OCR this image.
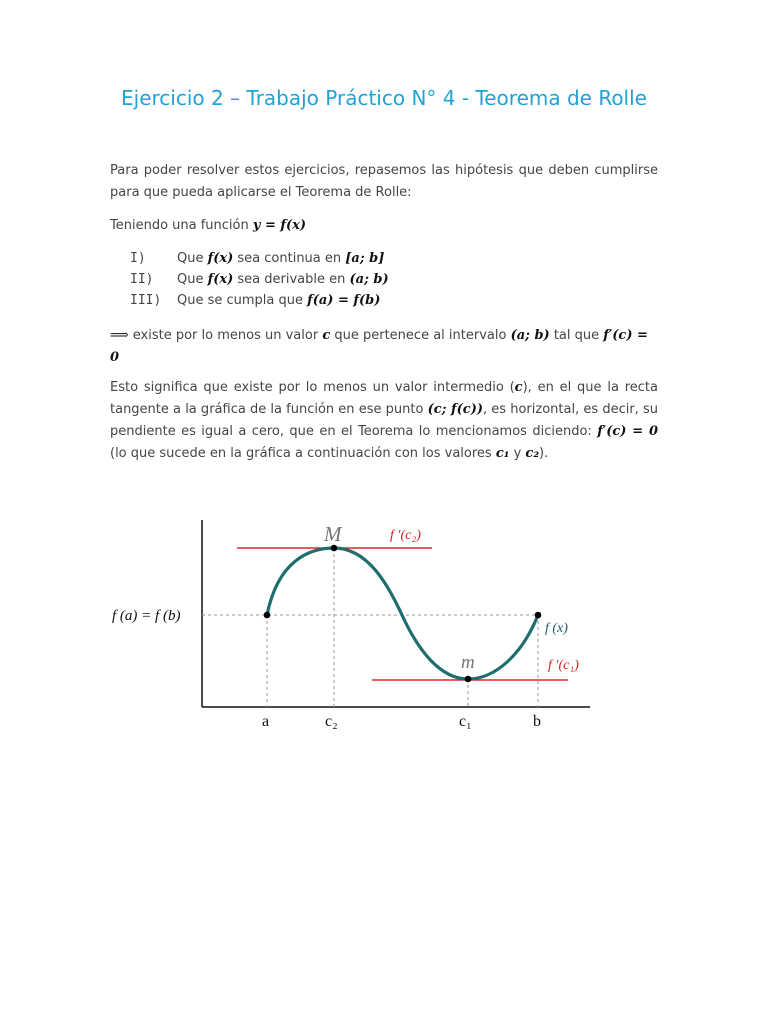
Ejercicio 2 – Trabajo Práctico N° 4 - Teorema de Rolle

Para poder resolver estos ejercicios, repasemos las hipótesis que deben cumplirse para que pueda aplicarse el Teorema de Rolle:

Teniendo una función y = f(x)

I) Que f(x) sea continua en [a; b]
II) Que f(x) sea derivable en (a; b)
III) Que se cumpla que f(a) = f(b)

⟹ existe por lo menos un valor c que pertenece al intervalo (a; b) tal que f′(c) =
0

Esto significa que existe por lo menos un valor intermedio (c), en el que la recta tangente a la gráfica de la función en ese punto (c; f(c)), es horizontal, es decir, su pendiente es igual a cero, que en el Teorema lo mencionamos diciendo: f′(c) = 0 (lo que sucede en la gráfica a continuación con los valores c₁ y c₂).

f (a) = f (b)
M
m
f ′(c₂)
f ′(c₁)
f (x)
a	c₂	c₁	b
